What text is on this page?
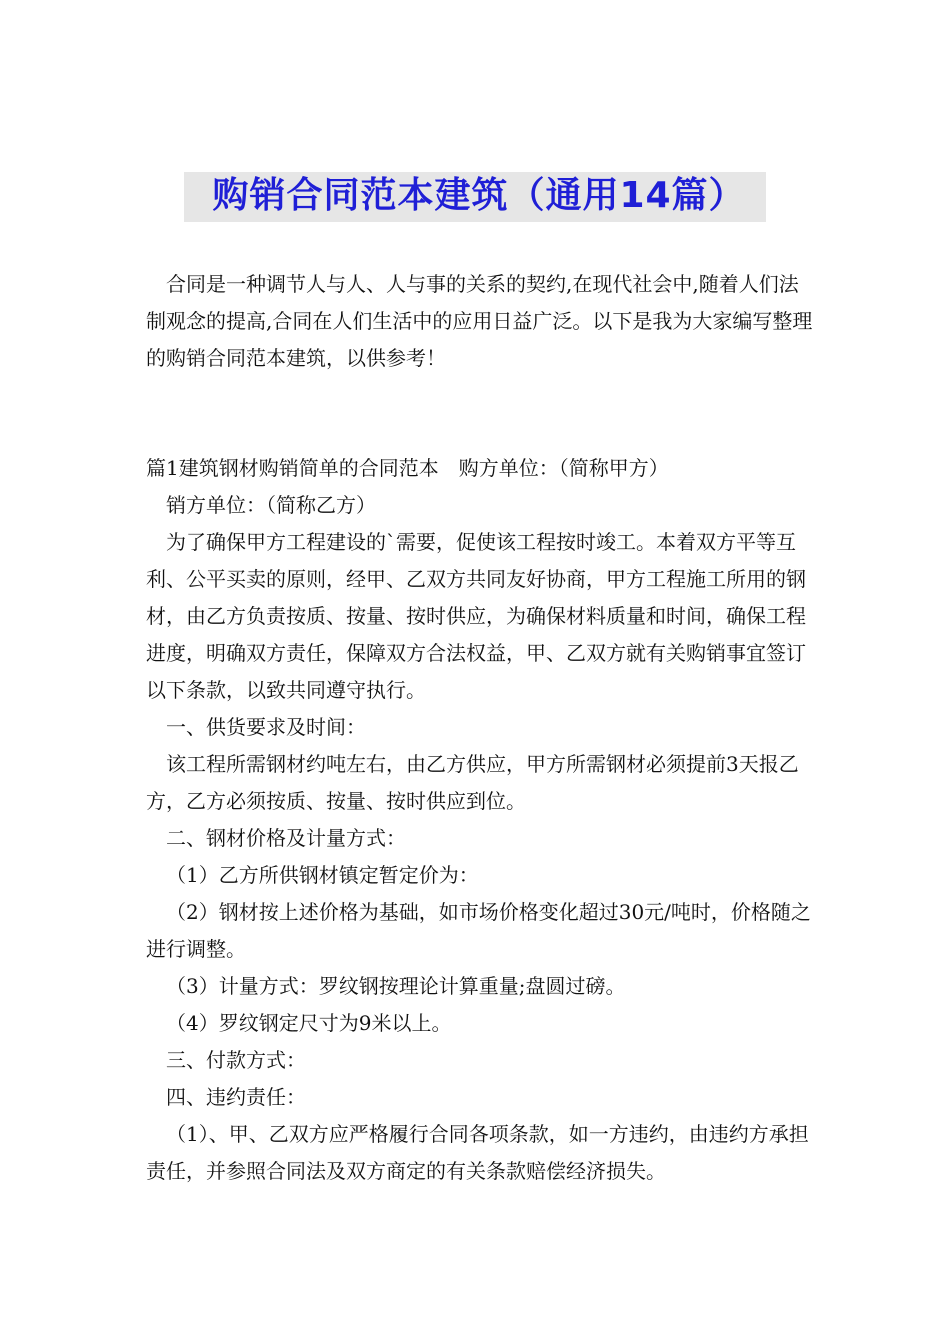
购销合同范本建筑（通用14篇）

合同是一种调节人与人、人与事的关系的契约,在现代社会中,随着人们法制观念的提高,合同在人们生活中的应用日益广泛。以下是我为大家编写整理的购销合同范本建筑，以供参考！

篇1建筑钢材购销简单的合同范本　购方单位：（简称甲方）

销方单位：（简称乙方）

为了确保甲方工程建设的`需要，促使该工程按时竣工。本着双方平等互利、公平买卖的原则，经甲、乙双方共同友好协商，甲方工程施工所用的钢材，由乙方负责按质、按量、按时供应，为确保材料质量和时间，确保工程进度，明确双方责任，保障双方合法权益，甲、乙双方就有关购销事宜签订以下条款，以致共同遵守执行。

一、供货要求及时间：

该工程所需钢材约吨左右，由乙方供应，甲方所需钢材必须提前3天报乙方，乙方必须按质、按量、按时供应到位。

二、钢材价格及计量方式：

（1）乙方所供钢材镇定暂定价为：

（2）钢材按上述价格为基础，如市场价格变化超过30元/吨时，价格随之进行调整。

（3）计量方式：罗纹钢按理论计算重量;盘圆过磅。

（4）罗纹钢定尺寸为9米以上。

三、付款方式：

四、违约责任：

（1）、甲、乙双方应严格履行合同各项条款，如一方违约，由违约方承担责任，并参照合同法及双方商定的有关条款赔偿经济损失。
